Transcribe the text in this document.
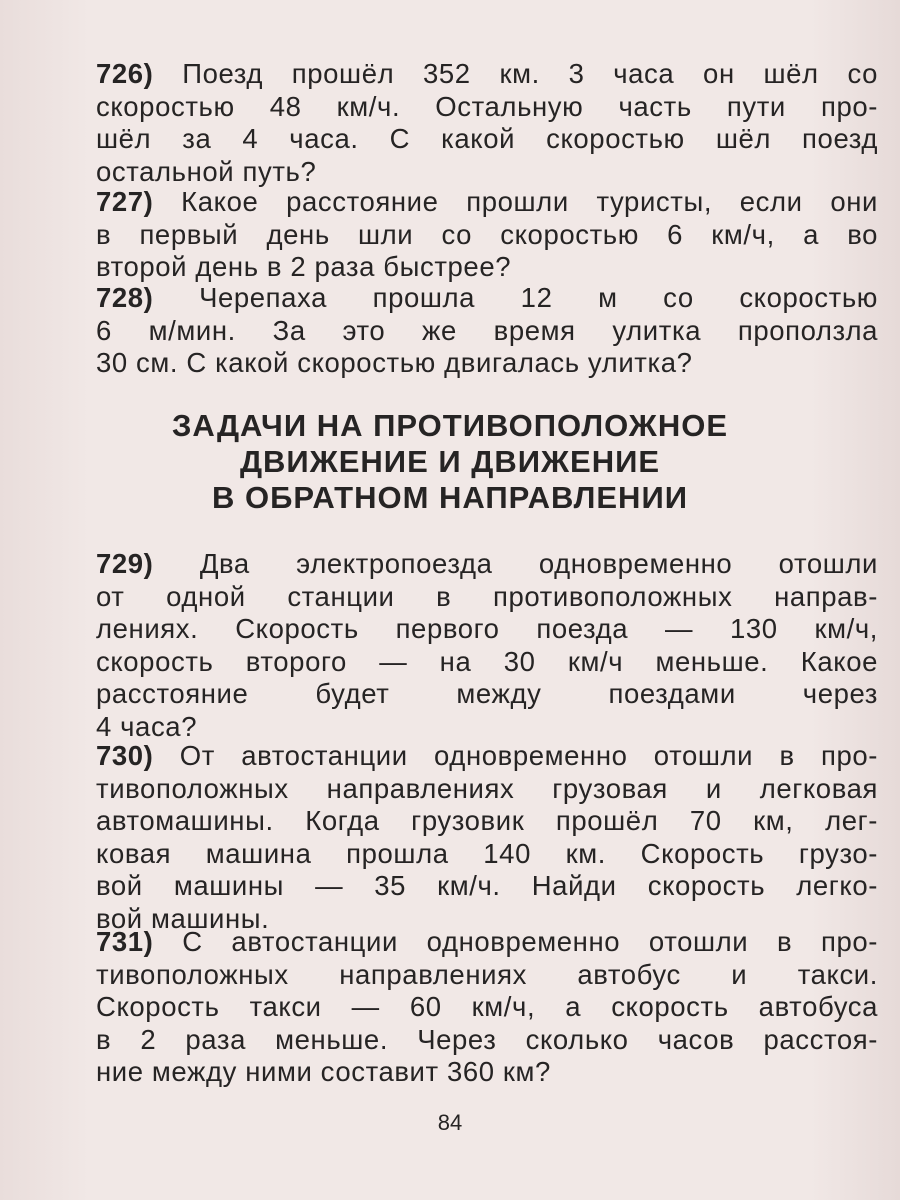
726) Поезд прошёл 352 км. 3 часа он шёл со
скоростью 48 км/ч. Остальную часть пути про-
шёл за 4 часа. С какой скоростью шёл поезд
остальной путь?
727) Какое расстояние прошли туристы, если они
в первый день шли со скоростью 6 км/ч, а во
второй день в 2 раза быстрее?
728) Черепаха прошла 12 м со скоростью
6 м/мин. За это же время улитка проползла
30 см. С какой скоростью двигалась улитка?
ЗАДАЧИ НА ПРОТИВОПОЛОЖНОЕ
ДВИЖЕНИЕ И ДВИЖЕНИЕ
В ОБРАТНОМ НАПРАВЛЕНИИ
729) Два электропоезда одновременно отошли
от одной станции в противоположных направ-
лениях. Скорость первого поезда — 130 км/ч,
скорость второго — на 30 км/ч меньше. Какое
расстояние будет между поездами через
4 часа?
730) От автостанции одновременно отошли в про-
тивоположных направлениях грузовая и легковая
автомашины. Когда грузовик прошёл 70 км, лег-
ковая машина прошла 140 км. Скорость грузо-
вой машины — 35 км/ч. Найди скорость легко-
вой машины.
731) С автостанции одновременно отошли в про-
тивоположных направлениях автобус и такси.
Скорость такси — 60 км/ч, а скорость автобуса
в 2 раза меньше. Через сколько часов расстоя-
ние между ними составит 360 км?
84
